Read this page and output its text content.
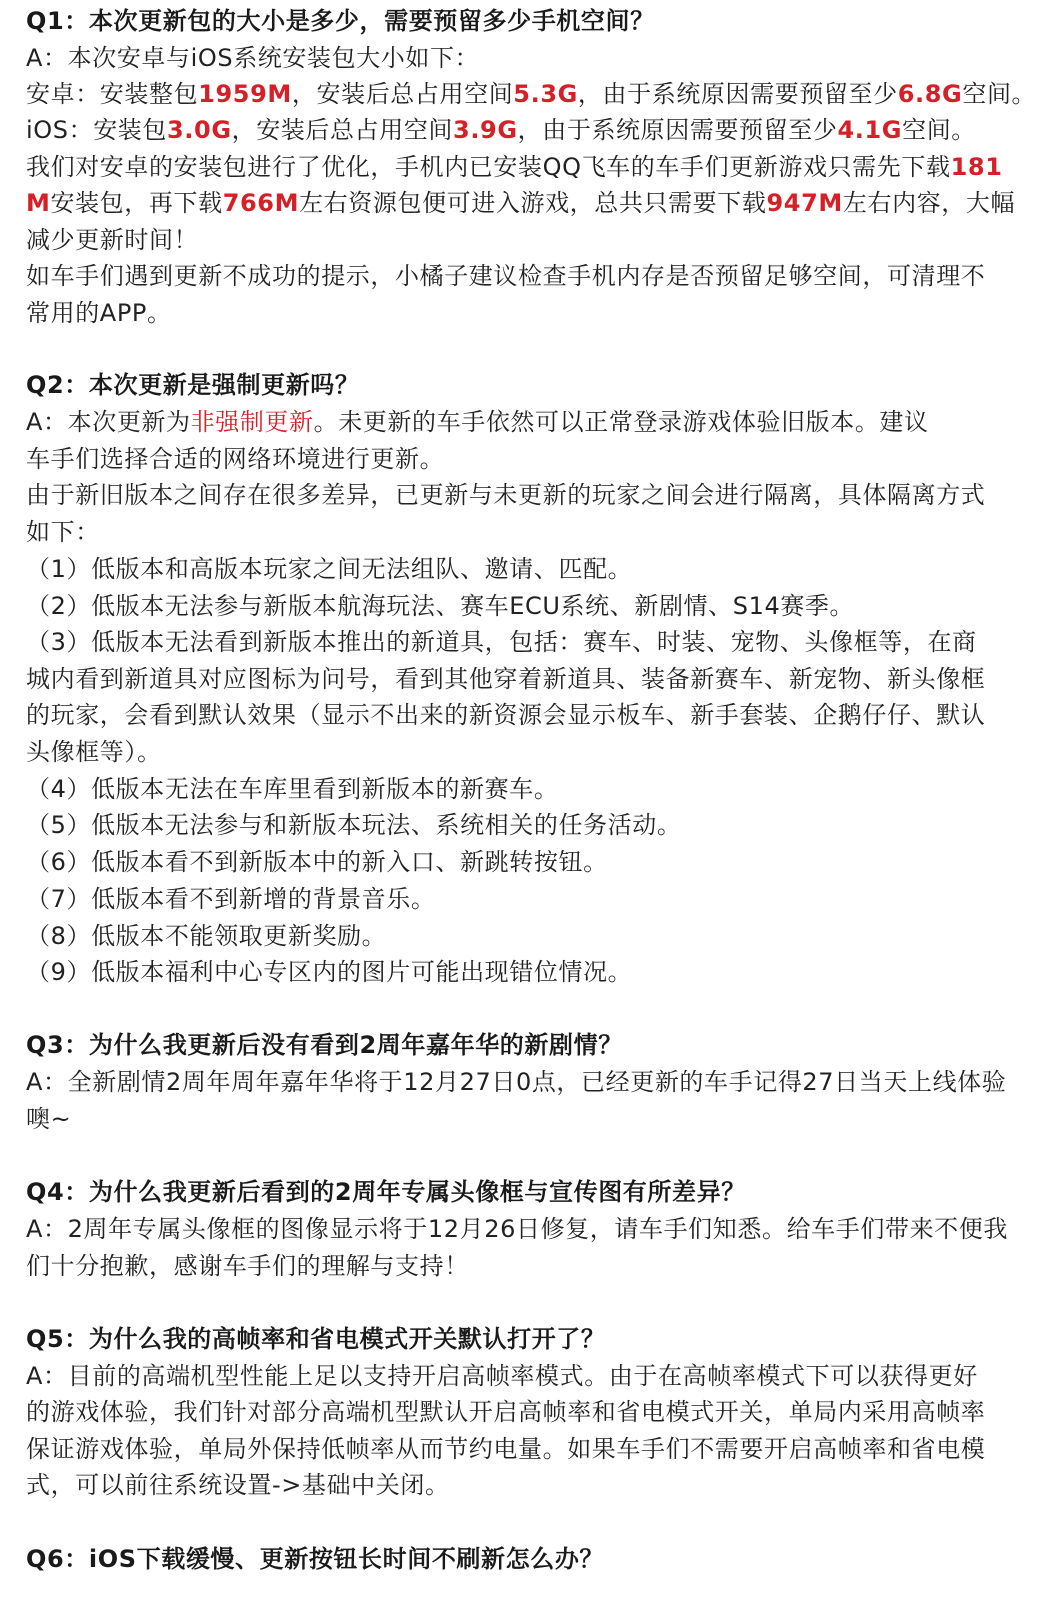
Q1：本次更新包的大小是多少，需要预留多少手机空间？
A：本次安卓与iOS系统安装包大小如下：
安卓：安装整包1959M，安装后总占用空间5.3G，由于系统原因需要预留至少6.8G空间。
iOS：安装包3.0G，安装后总占用空间3.9G，由于系统原因需要预留至少4.1G空间。
我们对安卓的安装包进行了优化，手机内已安装QQ飞车的车手们更新游戏只需先下载181
M安装包，再下载766M左右资源包便可进入游戏，总共只需要下载947M左右内容，大幅
减少更新时间！
如车手们遇到更新不成功的提示，小橘子建议检查手机内存是否预留足够空间，可清理不
常用的APP。
Q2：本次更新是强制更新吗？
A：本次更新为非强制更新。未更新的车手依然可以正常登录游戏体验旧版本。建议
车手们选择合适的网络环境进行更新。
由于新旧版本之间存在很多差异，已更新与未更新的玩家之间会进行隔离，具体隔离方式
如下：
（1）低版本和高版本玩家之间无法组队、邀请、匹配。
（2）低版本无法参与新版本航海玩法、赛车ECU系统、新剧情、S14赛季。
（3）低版本无法看到新版本推出的新道具，包括：赛车、时装、宠物、头像框等，在商
城内看到新道具对应图标为问号，看到其他穿着新道具、装备新赛车、新宠物、新头像框
的玩家，会看到默认效果（显示不出来的新资源会显示板车、新手套装、企鹅仔仔、默认
头像框等）。
（4）低版本无法在车库里看到新版本的新赛车。
（5）低版本无法参与和新版本玩法、系统相关的任务活动。
（6）低版本看不到新版本中的新入口、新跳转按钮。
（7）低版本看不到新增的背景音乐。
（8）低版本不能领取更新奖励。
（9）低版本福利中心专区内的图片可能出现错位情况。
Q3：为什么我更新后没有看到2周年嘉年华的新剧情？
A：全新剧情2周年周年嘉年华将于12月27日0点，已经更新的车手记得27日当天上线体验
噢~
Q4：为什么我更新后看到的2周年专属头像框与宣传图有所差异？
A：2周年专属头像框的图像显示将于12月26日修复，请车手们知悉。给车手们带来不便我
们十分抱歉，感谢车手们的理解与支持！
Q5：为什么我的高帧率和省电模式开关默认打开了？
A：目前的高端机型性能上足以支持开启高帧率模式。由于在高帧率模式下可以获得更好
的游戏体验，我们针对部分高端机型默认开启高帧率和省电模式开关，单局内采用高帧率
保证游戏体验，单局外保持低帧率从而节约电量。如果车手们不需要开启高帧率和省电模
式，可以前往系统设置->基础中关闭。
Q6：iOS下载缓慢、更新按钮长时间不刷新怎么办？
